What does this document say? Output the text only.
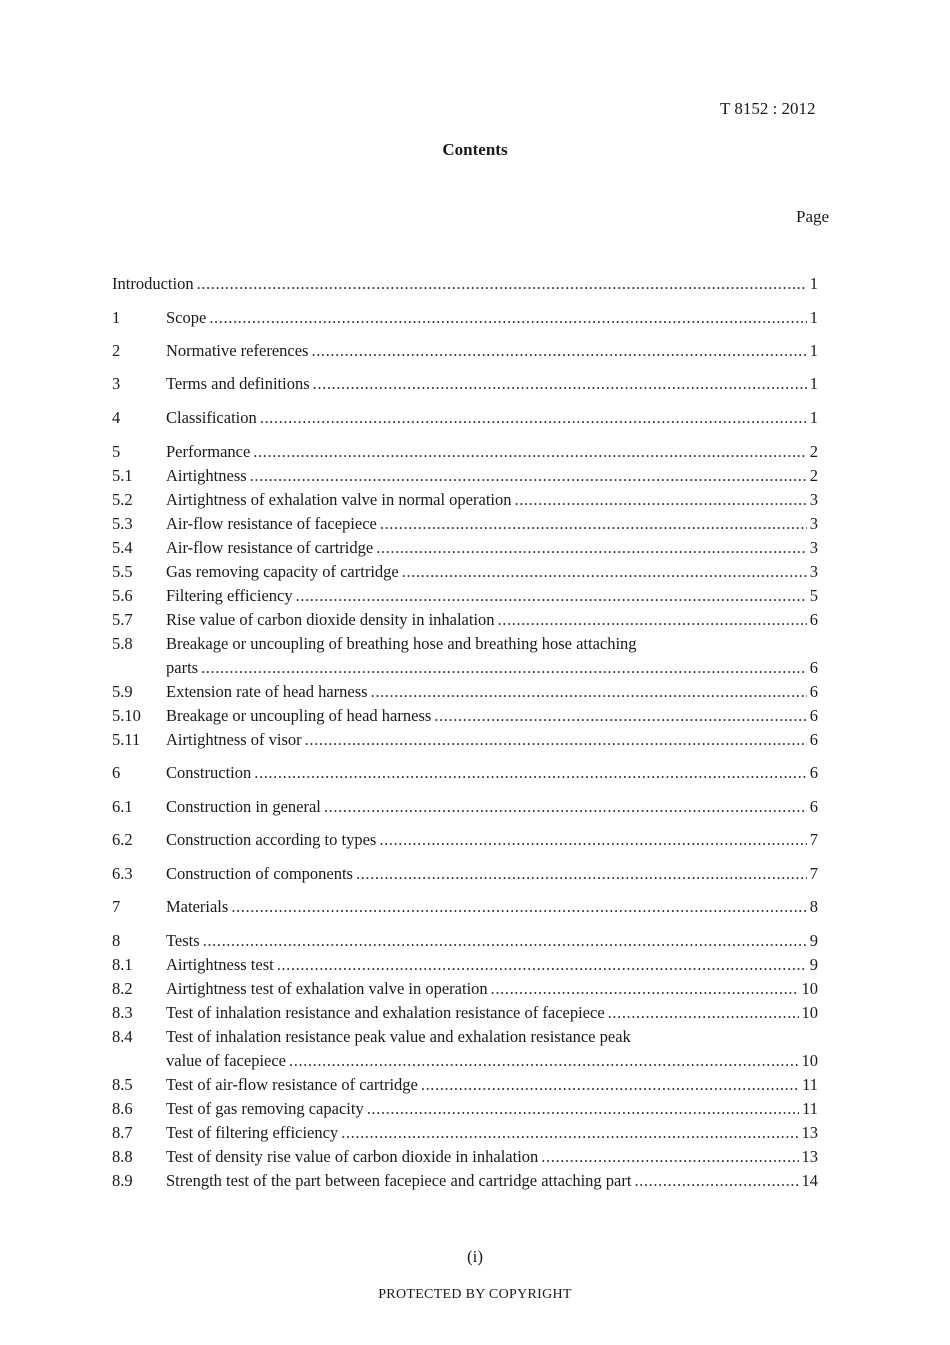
T 8152 : 2012
Contents
Page
Introduction .....	1
1	Scope .....	1
2	Normative references .....	1
3	Terms and definitions .....	1
4	Classification .....	1
5	Performance .....	2
5.1 Airtightness .....	2
5.2 Airtightness of exhalation valve in normal operation .....	3
5.3 Air-flow resistance of facepiece .....	3
5.4 Air-flow resistance of cartridge .....	3
5.5 Gas removing capacity of cartridge .....	3
5.6 Filtering efficiency .....	5
5.7 Rise value of carbon dioxide density in inhalation .....	6
5.8 Breakage or uncoupling of breathing hose and breathing hose attaching
parts .....	6
5.9 Extension rate of head harness .....	6
5.10 Breakage or uncoupling of head harness .....	6
5.11 Airtightness of visor .....	6
6	Construction .....	6
6.1 Construction in general .....	6
6.2 Construction according to types .....	7
6.3 Construction of components .....	7
7	Materials .....	8
8	Tests .....	9
8.1 Airtightness test .....	9
8.2 Airtightness test of exhalation valve in operation .....	10
8.3 Test of inhalation resistance and exhalation resistance of facepiece .....	10
8.4 Test of inhalation resistance peak value and exhalation resistance peak
value of facepiece .....	10
8.5 Test of air-flow resistance of cartridge .....	11
8.6 Test of gas removing capacity .....	11
8.7 Test of filtering efficiency .....	13
8.8 Test of density rise value of carbon dioxide in inhalation .....	13
8.9 Strength test of the part between facepiece and cartridge attaching part .....	14
(i)
PROTECTED BY COPYRIGHT
